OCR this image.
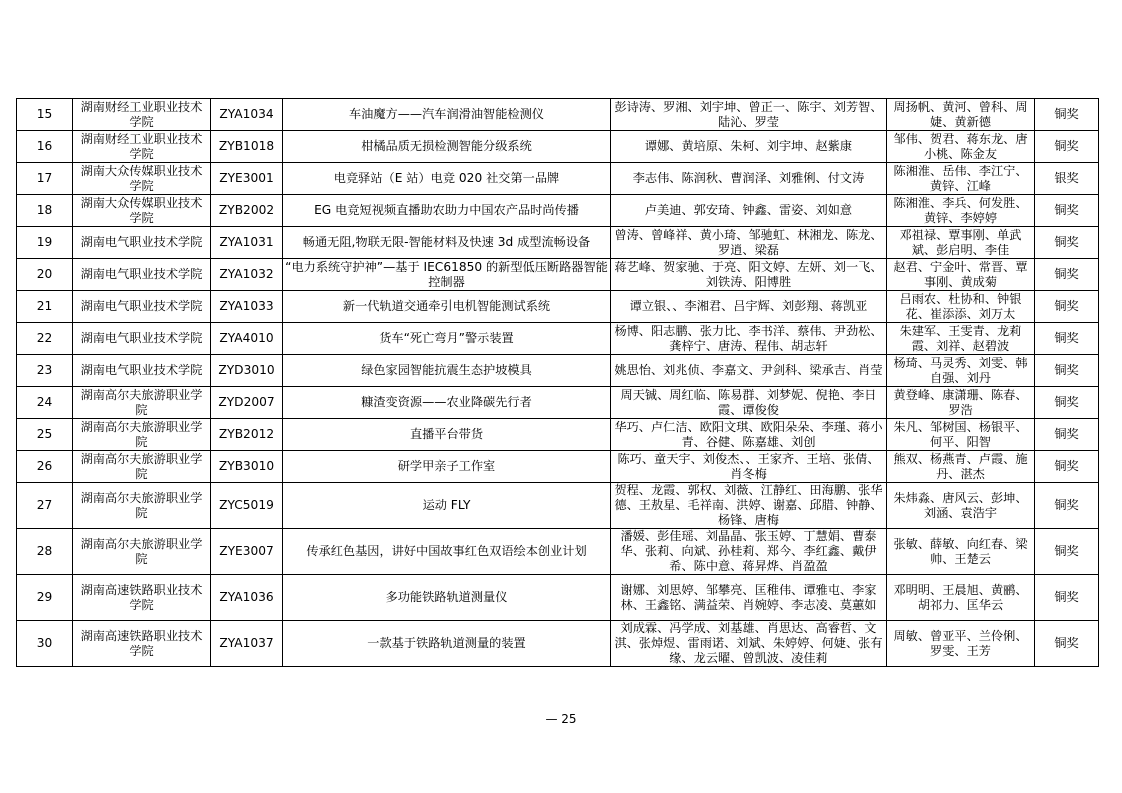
15	湖南财经工业职业技术学院	ZYA1034	车油魔方——汽车润滑油智能检测仪	彭诗涛、罗湘、刘宇坤、曾正一、陈宇、刘芳智、陆沁、罗莹	周扬帆、黄河、曾科、周婕、黄新德	铜奖
16	湖南财经工业职业技术学院	ZYB1018	柑橘品质无损检测智能分级系统	谭娜、黄培原、朱柯、刘宇坤、赵紫康	邹伟、贺君、蒋东龙、唐小桃、陈金友	铜奖
17	湖南大众传媒职业技术学院	ZYE3001	电竞驿站（E 站）电竞 020 社交第一品牌	李志伟、陈润秋、曹润泽、刘雅俐、付文涛	陈湘淮、岳伟、李江宁、黄锌、江峰	银奖
18	湖南大众传媒职业技术学院	ZYB2002	EG 电竞短视频直播助农助力中国农产品时尚传播	卢美迪、郭安琦、钟鑫、雷姿、刘如意	陈湘淮、李兵、何发胜、黄锌、李婷婷	铜奖
19	湖南电气职业技术学院	ZYA1031	畅通无阻,物联无限-智能材料及快速 3d 成型流畅设备	曾涛、曾峰祥、黄小琦、邹驰虹、林湘龙、陈龙、罗逍、梁磊	邓祖禄、覃事刚、单武斌、彭启明、李佳	铜奖
20	湖南电气职业技术学院	ZYA1032	“电力系统守护神”—基于 IEC61850 的新型低压断路器智能控制器	蒋艺峰、贺家驰、于亮、阳文婷、左妍、刘一飞、刘铁涛、阳博胜	赵君、宁金叶、常晋、覃事刚、黄成菊	铜奖
21	湖南电气职业技术学院	ZYA1033	新一代轨道交通牵引电机智能测试系统	谭立银、、李湘君、吕宇辉、刘彭翔、蒋凯亚	吕雨农、杜协和、钟银花、崔添添、刘万太	铜奖
22	湖南电气职业技术学院	ZYA4010	货车“死亡弯月”警示装置	杨博、阳志鹏、张力比、李书洋、蔡伟、尹劲松、龚梓宁、唐涛、程伟、胡志轩	朱建军、王雯青、龙莉霞、刘祥、赵碧波	铜奖
23	湖南电气职业技术学院	ZYD3010	绿色家园智能抗震生态护坡模具	姚思怡、刘兆侦、李嘉文、尹剑科、梁承吉、肖莹	杨琦、马灵秀、刘雯、韩自强、刘丹	铜奖
24	湖南高尔夫旅游职业学院	ZYD2007	糠渣变资源——农业降碳先行者	周天铖、周红临、陈易群、刘梦妮、倪艳、李日霞、谭俊俊	黄登峰、康潇珊、陈春、罗浩	铜奖
25	湖南高尔夫旅游职业学院	ZYB2012	直播平台带货	华巧、卢仁洁、欧阳文琪、欧阳朵朵、李瑾、蒋小青、谷健、陈嘉雄、刘创	朱凡、邹树国、杨银平、何平、阳智	铜奖
26	湖南高尔夫旅游职业学院	ZYB3010	研学甲亲子工作室	陈巧、童天宇、刘俊杰、、王家齐、王培、张倩、肖冬梅	熊双、杨燕青、卢霞、施丹、湛杰	铜奖
27	湖南高尔夫旅游职业学院	ZYC5019	运动 FLY	贺程、龙霞、郭权、刘薇、江静红、田海鹏、张华德、王敖星、毛祥南、洪婷、谢嘉、邱腊、钟静、杨锋、唐梅	朱炜淼、唐风云、彭坤、刘涵、袁浩宇	铜奖
28	湖南高尔夫旅游职业学院	ZYE3007	传承红色基因，讲好中国故事红色双语绘本创业计划	潘媛、彭佳瑶、刘晶晶、张玉婷、丁慧娟、曹泰华、张莉、向斌、孙桂莉、郑今、李红鑫、戴伊希、陈中意、蒋昇烨、肖盈盈	张敏、薛敏、向红春、梁帅、王楚云	铜奖
29	湖南高速铁路职业技术学院	ZYA1036	多功能铁路轨道测量仪	谢娜、刘思婷、邹攀亮、匡稚伟、谭雅屯、李家林、王鑫铭、满益荣、肖婉婷、李志凌、莫蕙如	邓明明、王晨旭、黄鹂、胡祁力、匡华云	铜奖
30	湖南高速铁路职业技术学院	ZYA1037	一款基于铁路轨道测量的装置	刘成霖、冯学成、刘基雄、肖思达、高睿哲、文淇、张焯煜、雷雨诺、刘斌、朱婷婷、何婕、张有缘、龙云曜、曾凯波、凌佳莉	周敏、曾亚平、兰伶俐、罗雯、王芳	铜奖
— 25
